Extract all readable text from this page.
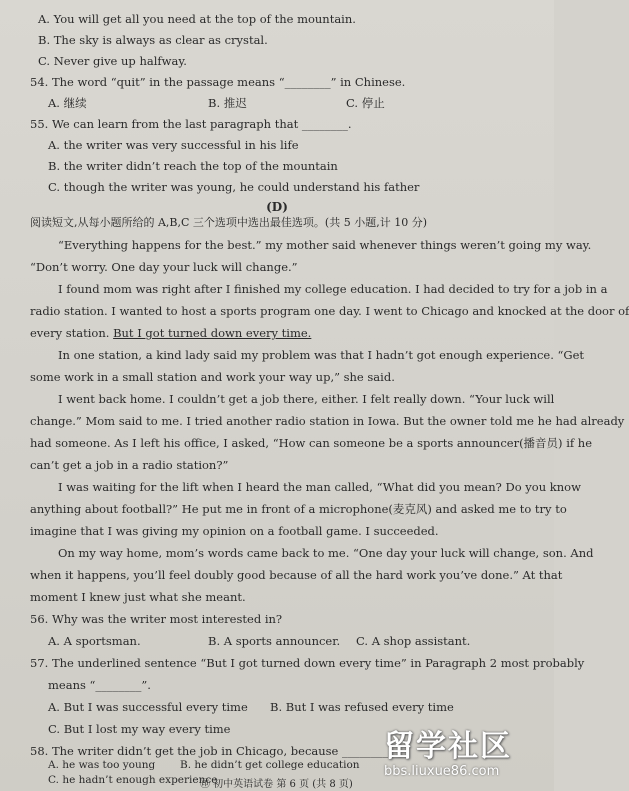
A. You will get all you need at the top of the mountain.
B. The sky is always as clear as crystal.
C. Never give up halfway.
54. The word “quit” in the passage means “________” in Chinese.
A. 继续	B. 推迟	C. 停止
55. We can learn from the last paragraph that ________.
A. the writer was very successful in his life
B. the writer didn’t reach the top of the mountain
C. though the writer was young, he could understand his father
(D)
阅读短文,从每小题所给的 A,B,C 三个选项中选出最佳选项。(共 5 小题,计 10 分)
“Everything happens for the best.” my mother said whenever things weren’t going my way.
“Don’t worry. One day your luck will change.”
I found mom was right after I finished my college education. I had decided to try for a job in a
radio station. I wanted to host a sports program one day. I went to Chicago and knocked at the door of
every station. But I got turned down every time.
In one station, a kind lady said my problem was that I hadn’t got enough experience. “Get
some work in a small station and work your way up,” she said.
I went back home. I couldn’t get a job there, either. I felt really down. “Your luck will
change.” Mom said to me. I tried another radio station in Iowa. But the owner told me he had already
had someone. As I left his office, I asked, “How can someone be a sports announcer(播音员) if he
can’t get a job in a radio station?”
I was waiting for the lift when I heard the man called, “What did you mean? Do you know
anything about football?” He put me in front of a microphone(麦克风) and asked me to try to
imagine that I was giving my opinion on a football game. I succeeded.
On my way home, mom’s words came back to me. “One day your luck will change, son. And
when it happens, you’ll feel doubly good because of all the hard work you’ve done.” At that
moment I knew just what she meant.
56. Why was the writer most interested in?
A. A sportsman.	B. A sports announcer. C. A shop assistant.
57. The underlined sentence “But I got turned down every time” in Paragraph 2 most probably
means “________”.
A. But I was successful every time B. But I was refused every time
C. But I lost my way every time
58. The writer didn’t get the job in Chicago, because ________.
A. he was too young B. he didn’t get college education
C. he hadn’t enough experience
㊞ 初中英语试卷 第 6 页 (共 8 页)
留学社区
bbs.liuxue86.com
